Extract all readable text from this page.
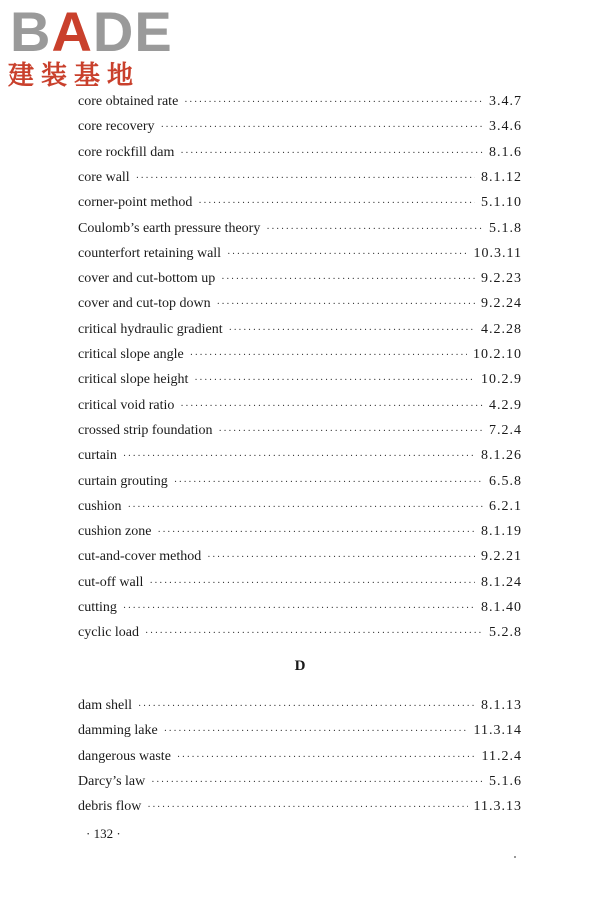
BADE
建装基地
core obtained rate ·····	3.4.7
core recovery ·····	3.4.6
core rockfill dam ·····	8.1.6
core wall ·····	8.1.12
corner-point method ·····	5.1.10
Coulomb’s earth pressure theory ·····	5.1.8
counterfort retaining wall ·····	10.3.11
cover and cut-bottom up ·····	9.2.23
cover and cut-top down ·····	9.2.24
critical hydraulic gradient ·····	4.2.28
critical slope angle ·····	10.2.10
critical slope height ·····	10.2.9
critical void ratio ·····	4.2.9
crossed strip foundation ·····	7.2.4
curtain ·····	8.1.26
curtain grouting ·····	6.5.8
cushion ·····	6.2.1
cushion zone ·····	8.1.19
cut-and-cover method ·····	9.2.21
cut-off wall ·····	8.1.24
cutting ·····	8.1.40
cyclic load ·····	5.2.8
D
dam shell ·····	8.1.13
damming lake ·····	11.3.14
dangerous waste ·····	11.2.4
Darcy’s law ·····	5.1.6
debris flow ·····	11.3.13
· 132 ·
